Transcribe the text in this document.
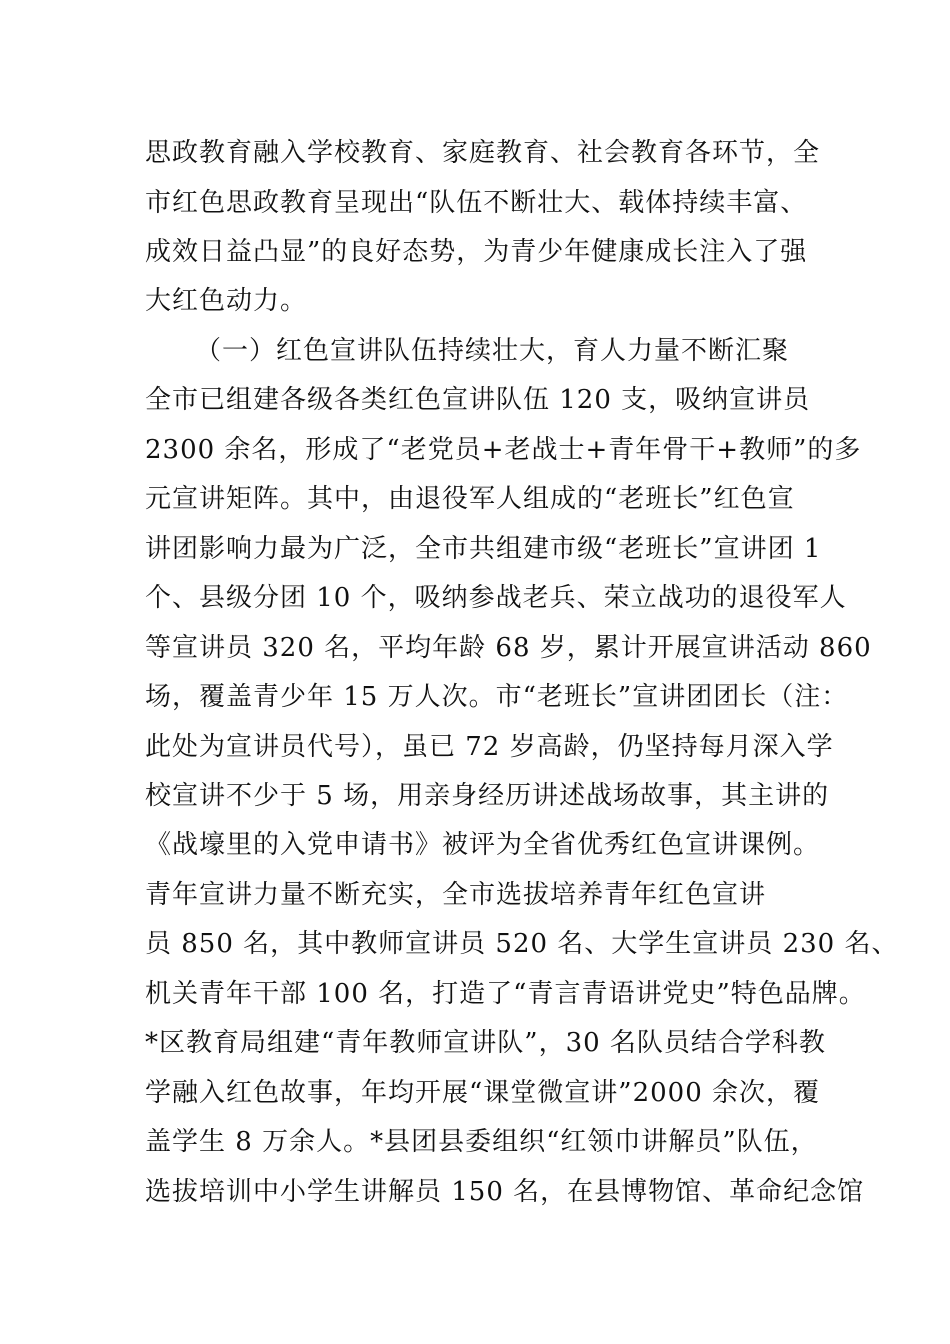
思政教育融入学校教育、家庭教育、社会教育各环节，全
市红色思政教育呈现出“队伍不断壮大、载体持续丰富、
成效日益凸显”的良好态势，为青少年健康成长注入了强
大红色动力。
（一）红色宣讲队伍持续壮大，育人力量不断汇聚
全市已组建各级各类红色宣讲队伍 120 支，吸纳宣讲员
2300 余名，形成了“老党员+老战士+青年骨干+教师”的多
元宣讲矩阵。其中，由退役军人组成的“老班长”红色宣
讲团影响力最为广泛，全市共组建市级“老班长”宣讲团 1
个、县级分团 10 个，吸纳参战老兵、荣立战功的退役军人
等宣讲员 320 名，平均年龄 68 岁，累计开展宣讲活动 860
场，覆盖青少年 15 万人次。市“老班长”宣讲团团长（注：
此处为宣讲员代号），虽已 72 岁高龄，仍坚持每月深入学
校宣讲不少于 5 场，用亲身经历讲述战场故事，其主讲的
《战壕里的入党申请书》被评为全省优秀红色宣讲课例。
青年宣讲力量不断充实，全市选拔培养青年红色宣讲
员 850 名，其中教师宣讲员 520 名、大学生宣讲员 230 名、
机关青年干部 100 名，打造了“青言青语讲党史”特色品牌。
*区教育局组建“青年教师宣讲队”，30 名队员结合学科教
学融入红色故事，年均开展“课堂微宣讲”2000 余次，覆
盖学生 8 万余人。*县团县委组织“红领巾讲解员”队伍，
选拔培训中小学生讲解员 150 名，在县博物馆、革命纪念馆
